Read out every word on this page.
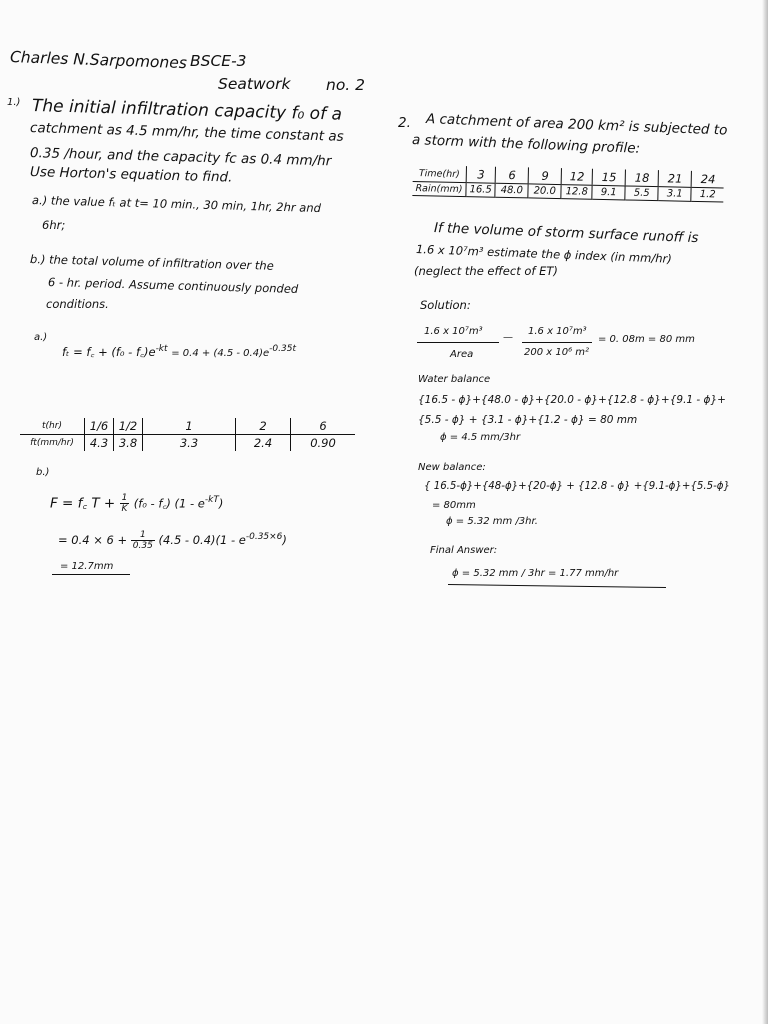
Charles N.Sarpomones BSCE-3
Seatwork no. 2
1.) The initial infiltration capacity f₀ of a
catchment as 4.5 mm/hr, the time constant as
0.35 /hour, and the capacity fc as 0.4 mm/hr
Use Horton's equation to find.
a.) the value fₜ at t= 10 min., 30 min, 1hr, 2hr and
6hr;
b.) the total volume of infiltration over the
6 - hr. period. Assume continuously ponded
conditions.
a.)
fₜ = f꜀ + $(f_0 - f꜀)e^{-kt} = 0.4 + (4.5 - 0.4)e^{-0.35t}$
t(hr)	1/6	1/2	1	2	6
ft(mm/hr)	4.3	3.8	3.3	2.4	0.90
b.)
F = f꜀ $T + \frac{1}{K} (f_0$ - f꜀) $(1 - e^{-kT})$
= $0.4 \times 6 + \frac{1}{0.35} (4.5 - 0.4)(1 - e^{-0.35\times 6})$
= 12.7mm
2. A catchment of area 200 km² is subjected to
a storm with the following profile:
Time(hr)	3	6	9	12	15	18	21	24
Rain(mm)	16.5	48.0	20.0	12.8	9.1	5.5	3.1	1.2
If the volume of storm surface runoff is
1.6 x 10⁷m³ estimate the ϕ index (in mm/hr)
(neglect the effect of ET)
Solution:
1.6 x 10⁷m³
Area
—
1.6 x 10⁷m³
200 x 10⁶ m²
= 0. 08m = 80 mm
Water balance
{16.5 - ϕ}+{48.0 - ϕ}+{20.0 - ϕ}+{12.8 - ϕ}+{9.1 - ϕ}+
{5.5 - ϕ} + {3.1 - ϕ}+{1.2 - ϕ} = 80 mm
ϕ = 4.5 mm/3hr
New balance:
{ 16.5-ϕ}+{48-ϕ}+{20-ϕ} + {12.8 - ϕ} +{9.1-ϕ}+{5.5-ϕ}
= 80mm
ϕ = 5.32 mm /3hr.
Final Answer:
ϕ = 5.32 mm / 3hr = 1.77 mm/hr
